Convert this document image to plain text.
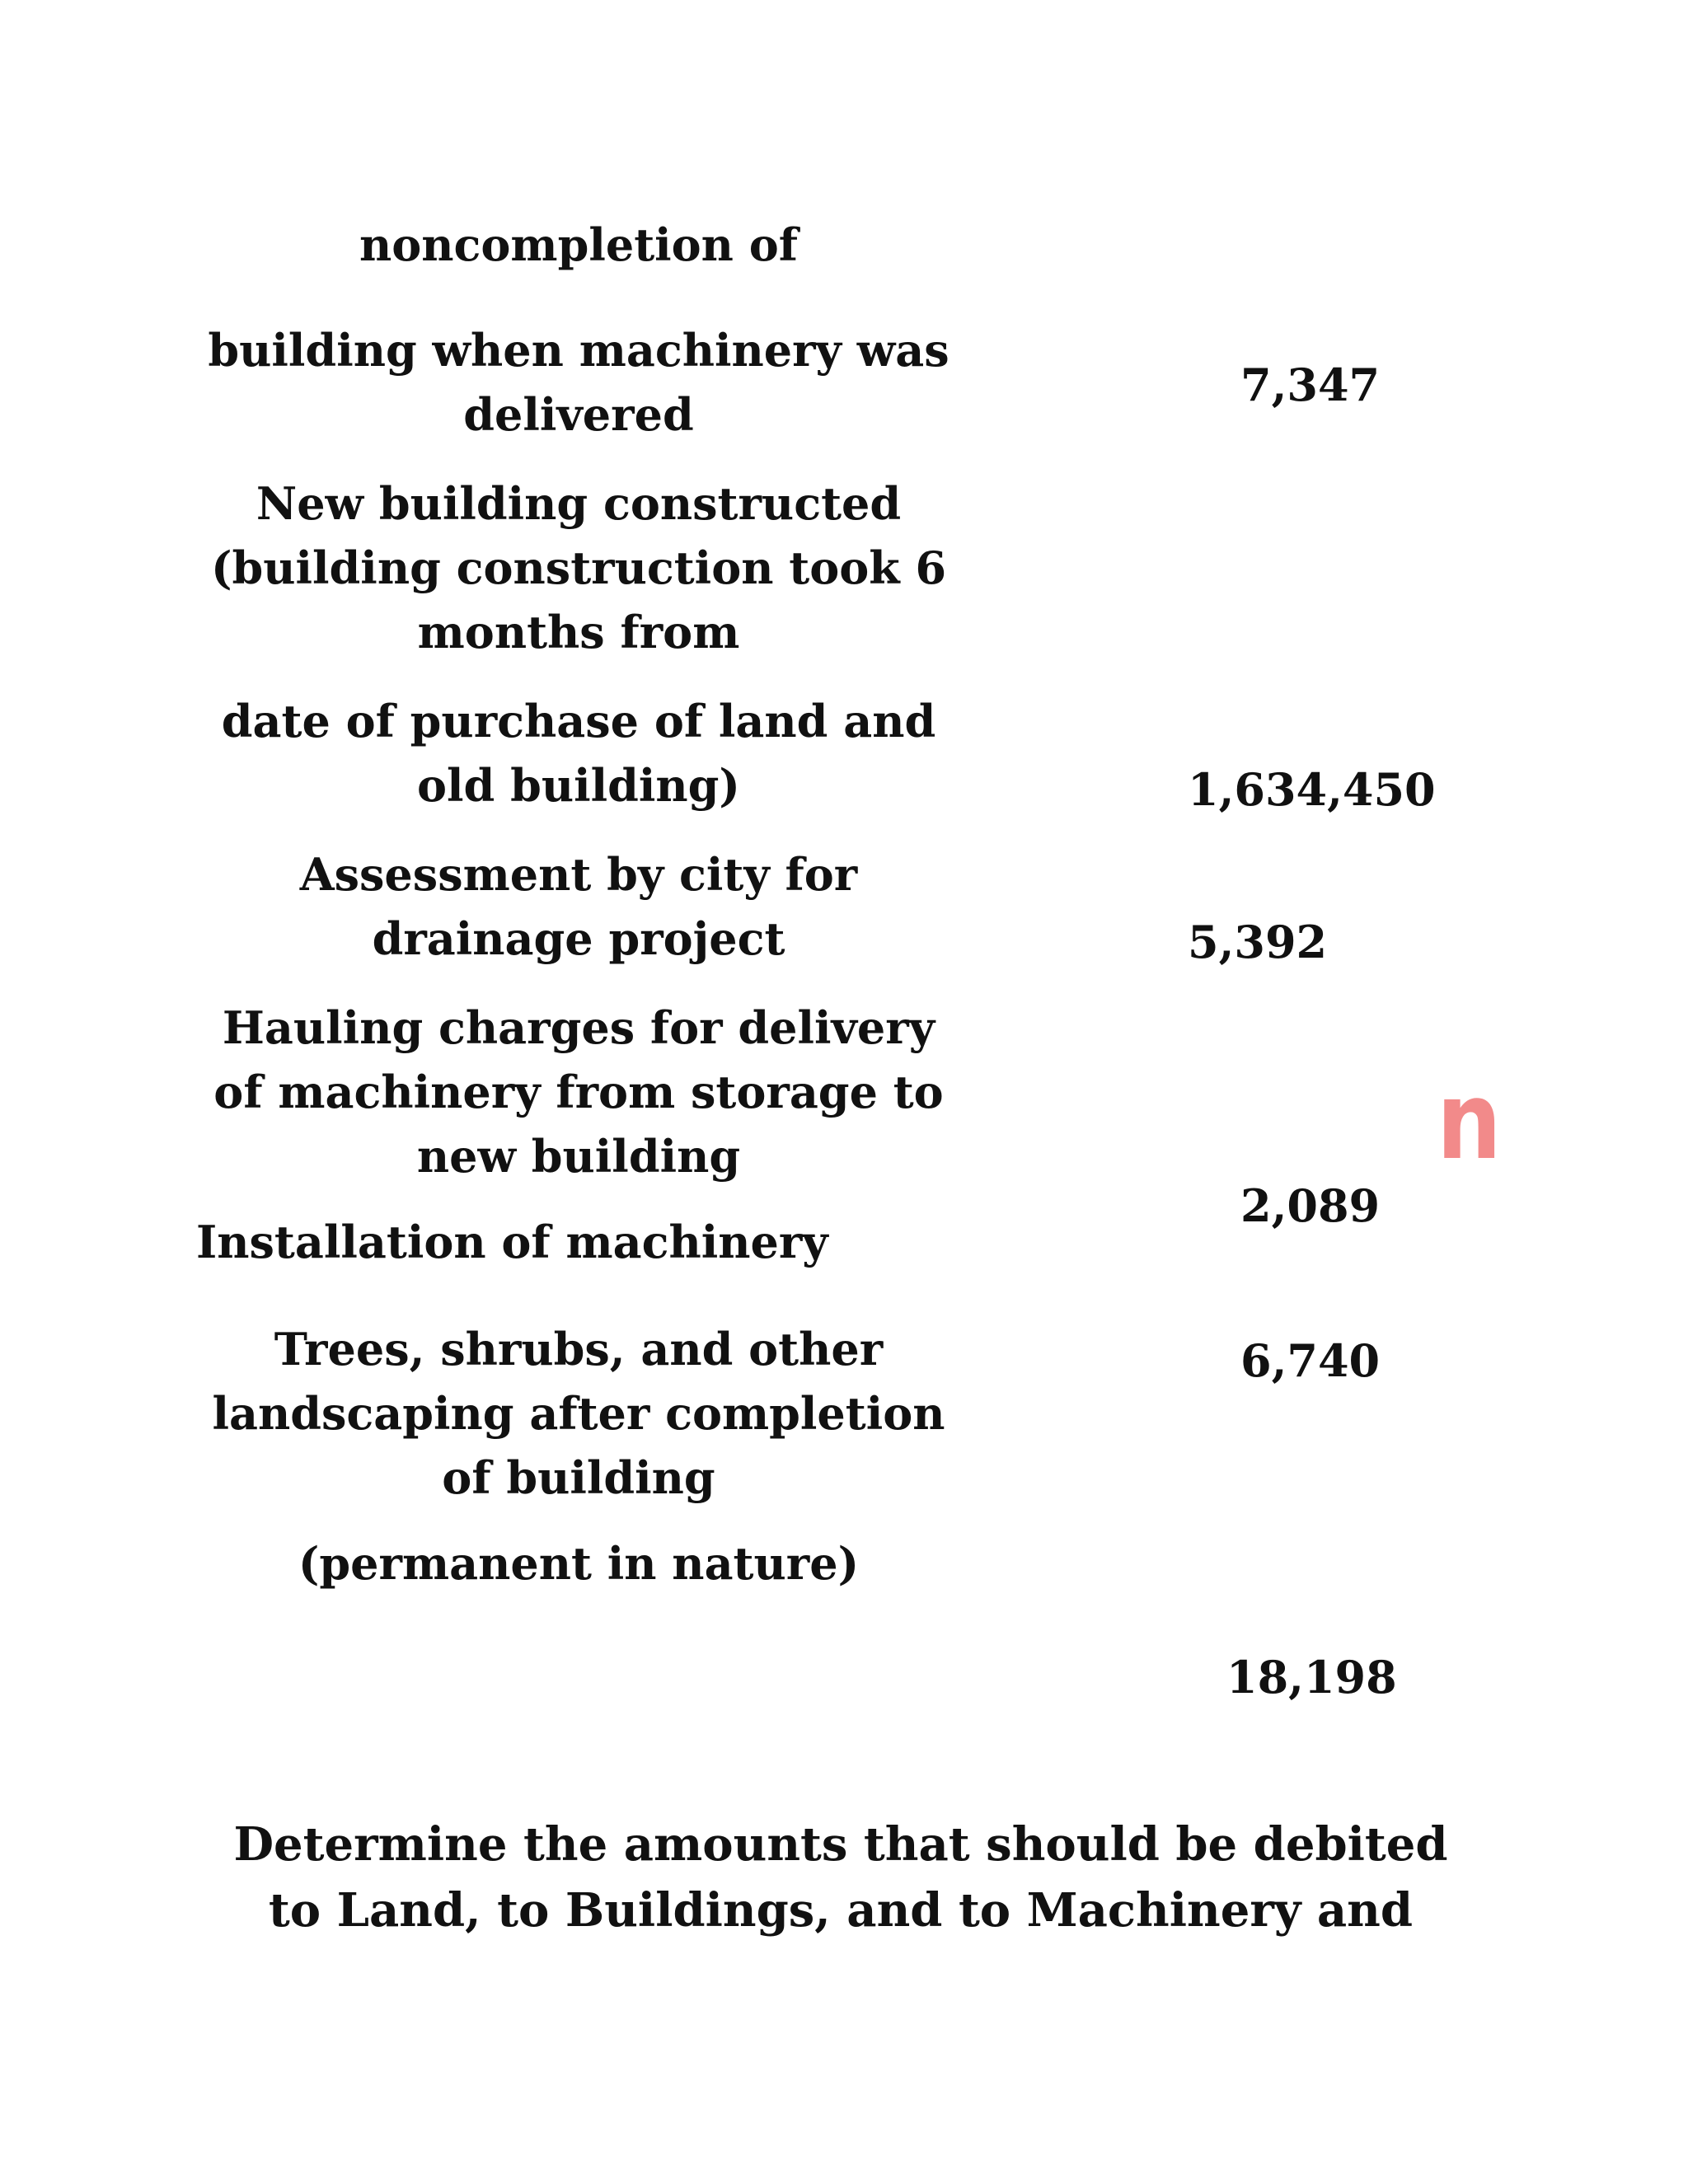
noncompletion of
building when machinery was
delivered
7,347
New building constructed
(building construction took 6
months from
date of purchase of land and
old building)	1,634,450
Assessment by city for
drainage project	5,392
Hauling charges for delivery
of machinery from storage to
new building
2,089
Installation of machinery
6,740
Trees, shrubs, and other
landscaping after completion
of building
(permanent in nature)
18,198
n
Determine the amounts that should be debited
to Land, to Buildings, and to Machinery and
